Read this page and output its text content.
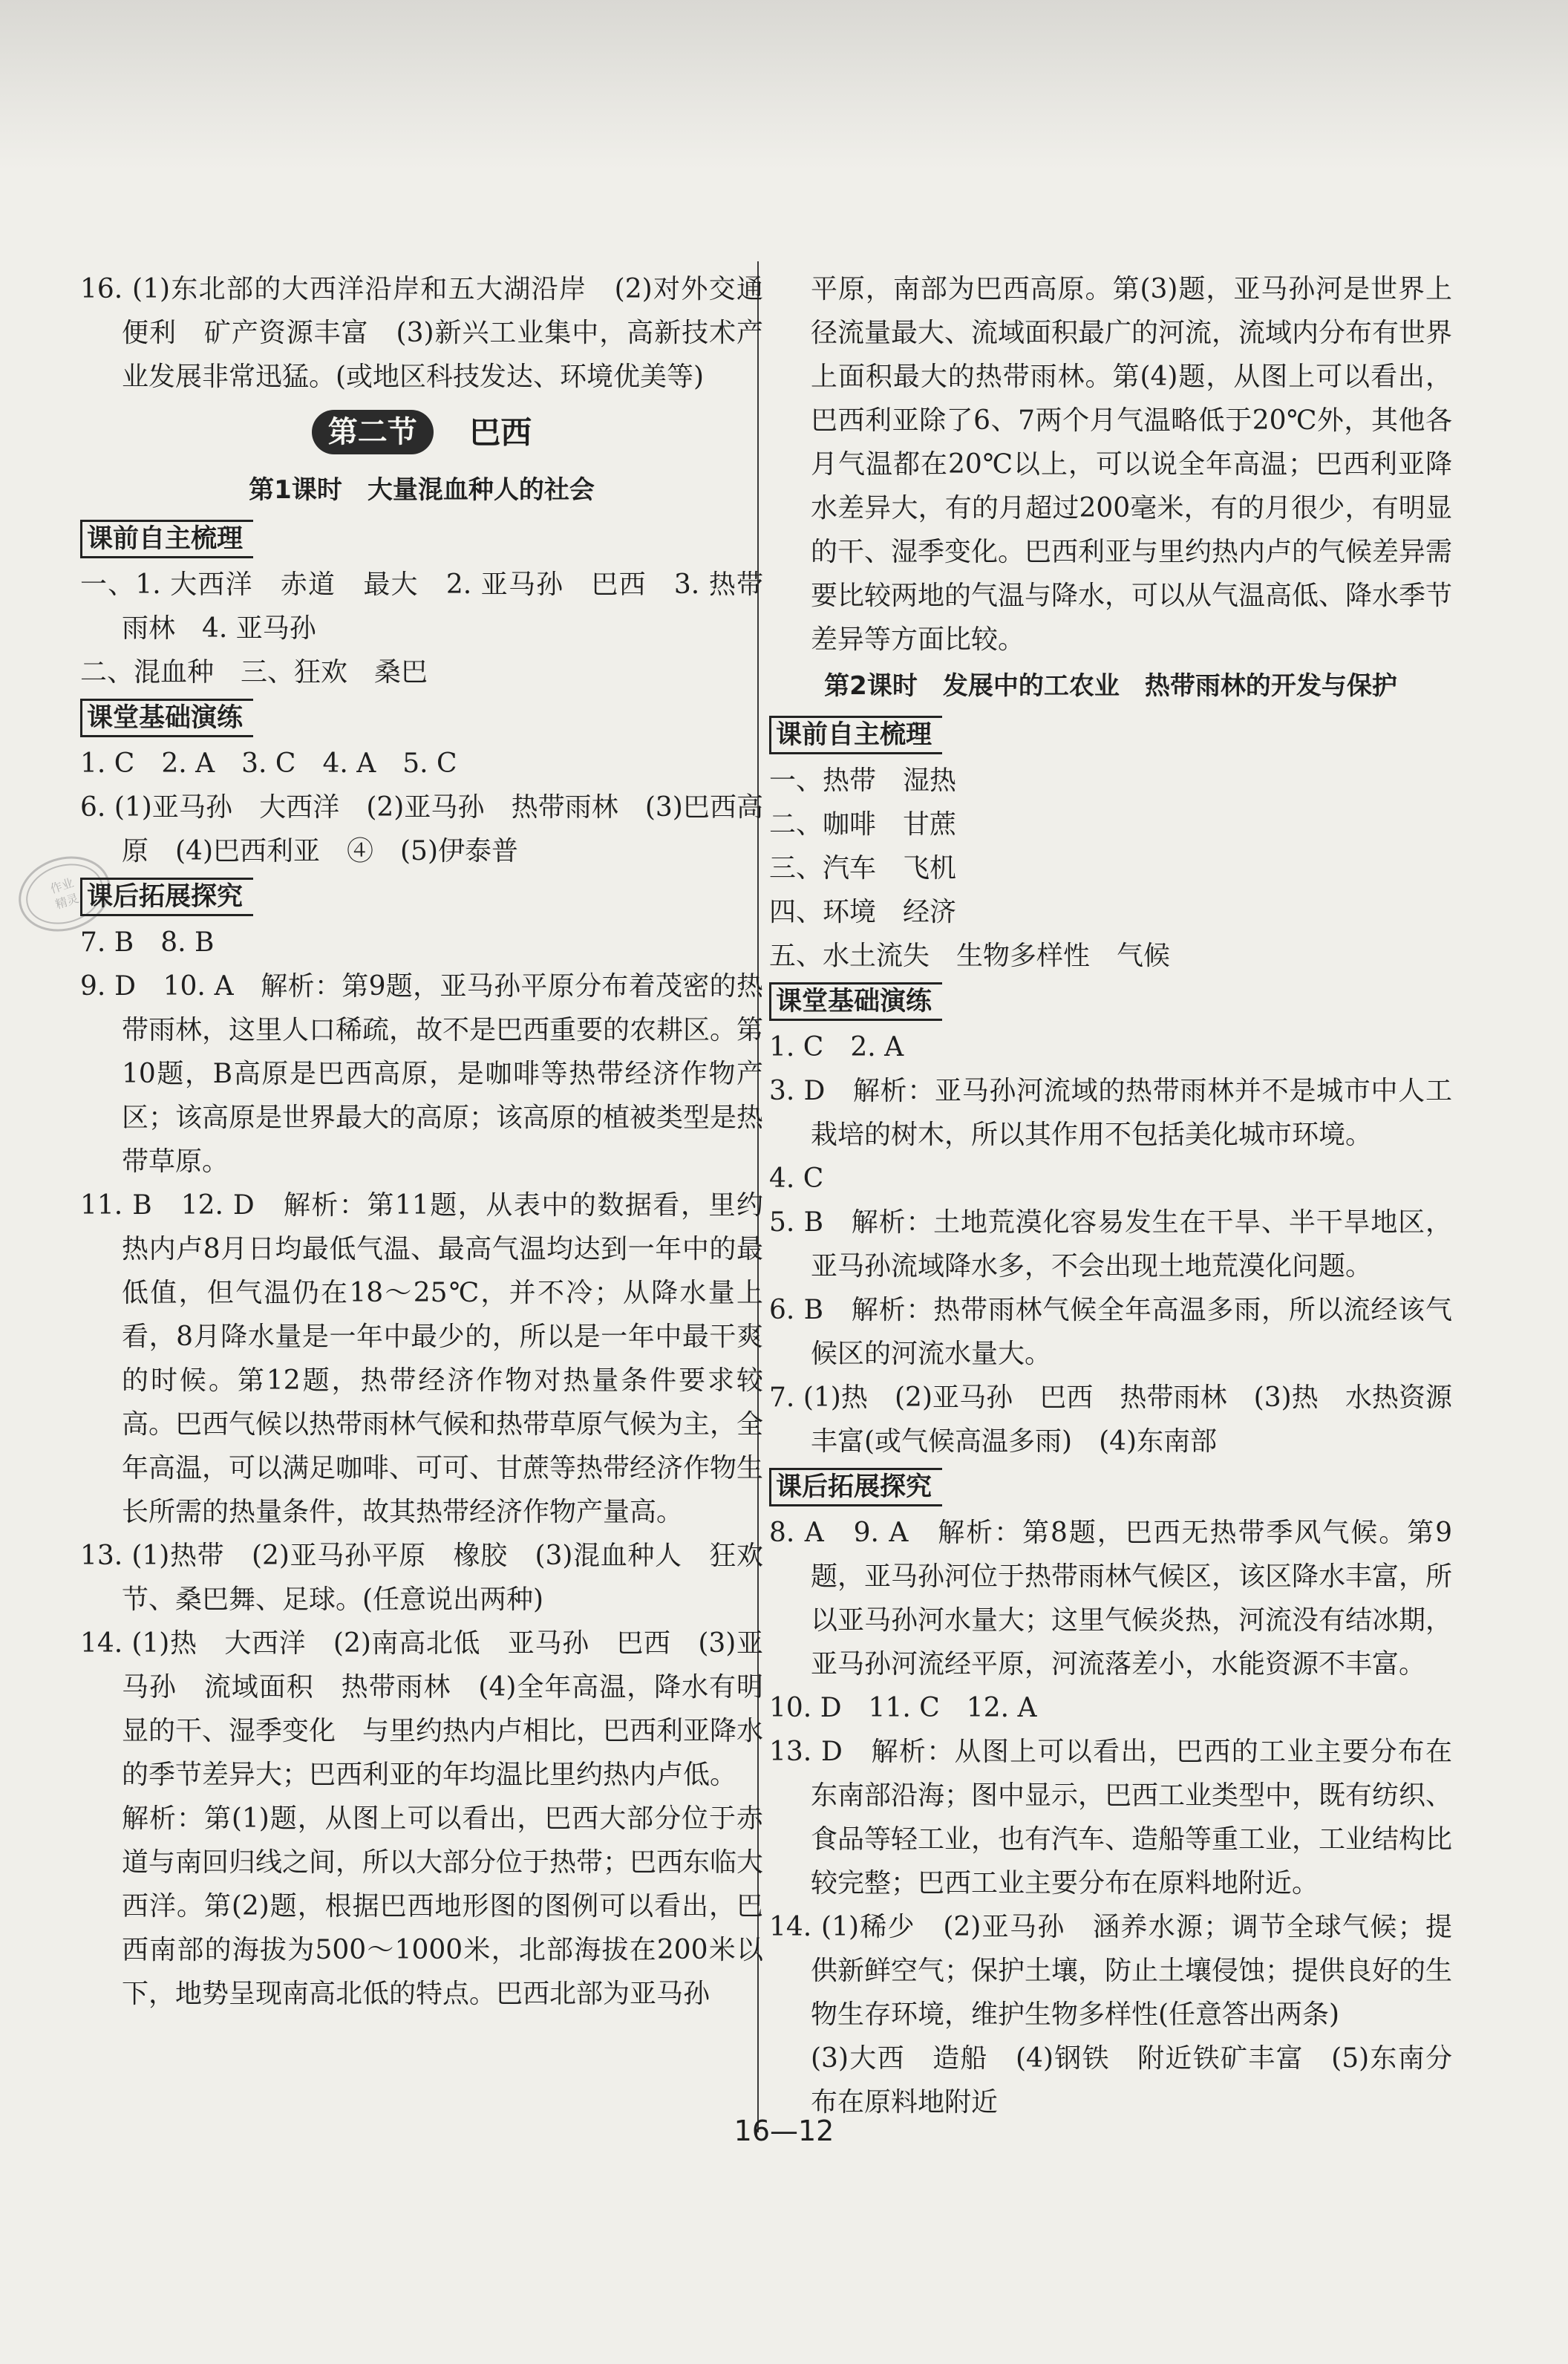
作业
精灵

16. (1)东北部的大西洋沿岸和五大湖沿岸　(2)对外交通便利　矿产资源丰富　(3)新兴工业集中，高新技术产业发展非常迅猛。(或地区科技发达、环境优美等)

第二节 巴西
第1课时　大量混血种人的社会
课前自主梳理

一、1. 大西洋　赤道　最大　2. 亚马孙　巴西　3. 热带雨林　4. 亚马孙

二、混血种　三、狂欢　桑巴

课堂基础演练

1. C　2. A　3. C　4. A　5. C

6. (1)亚马孙　大西洋　(2)亚马孙　热带雨林　(3)巴西高原　(4)巴西利亚　④　(5)伊泰普

课后拓展探究

7. B　8. B

9. D　10. A　解析：第9题，亚马孙平原分布着茂密的热带雨林，这里人口稀疏，故不是巴西重要的农耕区。第10题，B高原是巴西高原，是咖啡等热带经济作物产区；该高原是世界最大的高原；该高原的植被类型是热带草原。

11. B　12. D　解析：第11题，从表中的数据看，里约热内卢8月日均最低气温、最高气温均达到一年中的最低值，但气温仍在18～25℃，并不冷；从降水量上看，8月降水量是一年中最少的，所以是一年中最干爽的时候。第12题，热带经济作物对热量条件要求较高。巴西气候以热带雨林气候和热带草原气候为主，全年高温，可以满足咖啡、可可、甘蔗等热带经济作物生长所需的热量条件，故其热带经济作物产量高。

13. (1)热带　(2)亚马孙平原　橡胶　(3)混血种人　狂欢节、桑巴舞、足球。(任意说出两种)

14. (1)热　大西洋　(2)南高北低　亚马孙　巴西　(3)亚马孙　流域面积　热带雨林　(4)全年高温，降水有明显的干、湿季变化　与里约热内卢相比，巴西利亚降水的季节差异大；巴西利亚的年均温比里约热内卢低。

解析：第(1)题，从图上可以看出，巴西大部分位于赤道与南回归线之间，所以大部分位于热带；巴西东临大西洋。第(2)题，根据巴西地形图的图例可以看出，巴西南部的海拔为500～1000米，北部海拔在200米以下，地势呈现南高北低的特点。巴西北部为亚马孙

平原，南部为巴西高原。第(3)题，亚马孙河是世界上径流量最大、流域面积最广的河流，流域内分布有世界上面积最大的热带雨林。第(4)题，从图上可以看出，巴西利亚除了6、7两个月气温略低于20℃外，其他各月气温都在20℃以上，可以说全年高温；巴西利亚降水差异大，有的月超过200毫米，有的月很少，有明显的干、湿季变化。巴西利亚与里约热内卢的气候差异需要比较两地的气温与降水，可以从气温高低、降水季节差异等方面比较。

第2课时　发展中的工农业　热带雨林的开发与保护
课前自主梳理

一、热带　湿热

二、咖啡　甘蔗

三、汽车　飞机

四、环境　经济

五、水土流失　生物多样性　气候

课堂基础演练

1. C　2. A

3. D　解析：亚马孙河流域的热带雨林并不是城市中人工栽培的树木，所以其作用不包括美化城市环境。

4. C

5. B　解析：土地荒漠化容易发生在干旱、半干旱地区，亚马孙流域降水多，不会出现土地荒漠化问题。

6. B　解析：热带雨林气候全年高温多雨，所以流经该气候区的河流水量大。

7. (1)热　(2)亚马孙　巴西　热带雨林　(3)热　水热资源丰富(或气候高温多雨)　(4)东南部

课后拓展探究

8. A　9. A　解析：第8题，巴西无热带季风气候。第9题，亚马孙河位于热带雨林气候区，该区降水丰富，所以亚马孙河水量大；这里气候炎热，河流没有结冰期，亚马孙河流经平原，河流落差小，水能资源不丰富。

10. D　11. C　12. A

13. D　解析：从图上可以看出，巴西的工业主要分布在东南部沿海；图中显示，巴西工业类型中，既有纺织、食品等轻工业，也有汽车、造船等重工业，工业结构比较完整；巴西工业主要分布在原料地附近。

14. (1)稀少　(2)亚马孙　涵养水源；调节全球气候；提供新鲜空气；保护土壤，防止土壤侵蚀；提供良好的生物生存环境，维护生物多样性(任意答出两条)

(3)大西　造船　(4)钢铁　附近铁矿丰富　(5)东南分布在原料地附近

16—12
